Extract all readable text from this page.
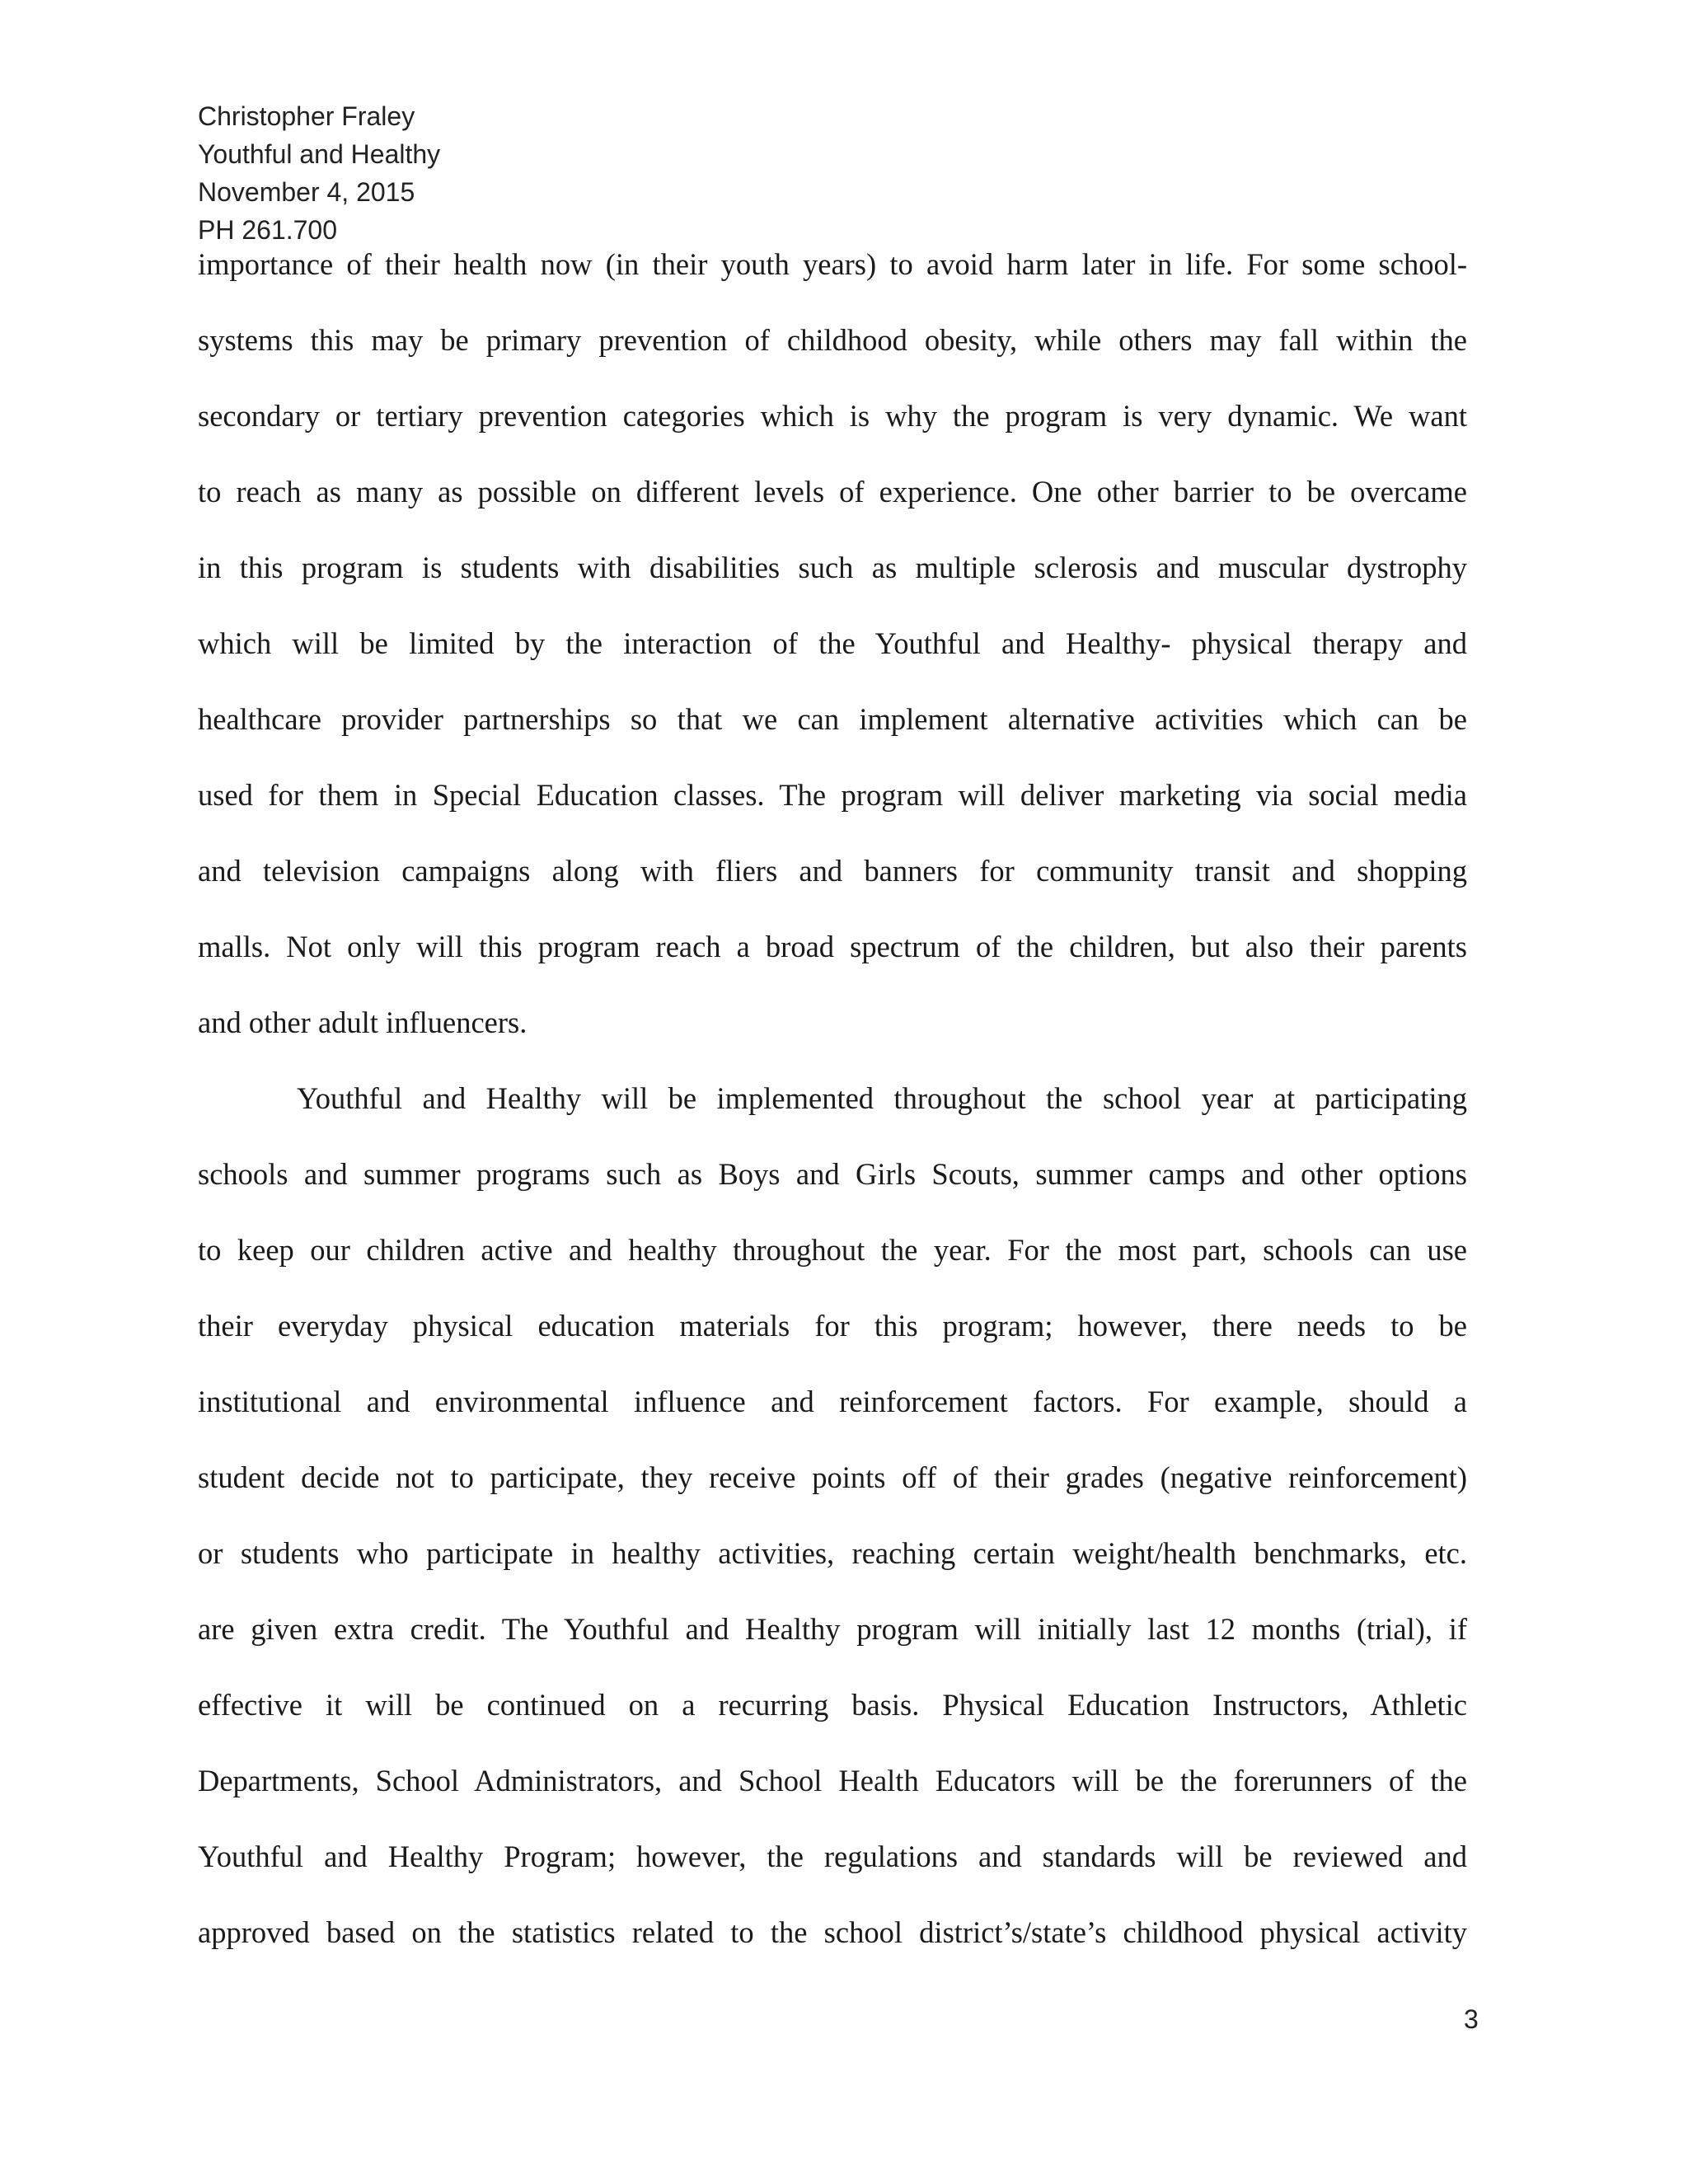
Christopher Fraley
Youthful and Healthy
November 4, 2015
PH 261.700
importance of their health now (in their youth years) to avoid harm later in life. For some school-
systems this may be primary prevention of childhood obesity, while others may fall within the
secondary or tertiary prevention categories which is why the program is very dynamic. We want
to reach as many as possible on different levels of experience. One other barrier to be overcame
in this program is students with disabilities such as multiple sclerosis and muscular dystrophy
which will be limited by the interaction of the Youthful and Healthy- physical therapy and
healthcare provider partnerships so that we can implement alternative activities which can be
used for them in Special Education classes. The program will deliver marketing via social media
and television campaigns along with fliers and banners for community transit and shopping
malls. Not only will this program reach a broad spectrum of the children, but also their parents
and other adult influencers.
Youthful and Healthy will be implemented throughout the school year at participating
schools and summer programs such as Boys and Girls Scouts, summer camps and other options
to keep our children active and healthy throughout the year. For the most part, schools can use
their everyday physical education materials for this program; however, there needs to be
institutional and environmental influence and reinforcement factors. For example, should a
student decide not to participate, they receive points off of their grades (negative reinforcement)
or students who participate in healthy activities, reaching certain weight/health benchmarks, etc.
are given extra credit. The Youthful and Healthy program will initially last 12 months (trial), if
effective it will be continued on a recurring basis. Physical Education Instructors, Athletic
Departments, School Administrators, and School Health Educators will be the forerunners of the
Youthful and Healthy Program; however, the regulations and standards will be reviewed and
approved based on the statistics related to the school district’s/state’s childhood physical activity
3
